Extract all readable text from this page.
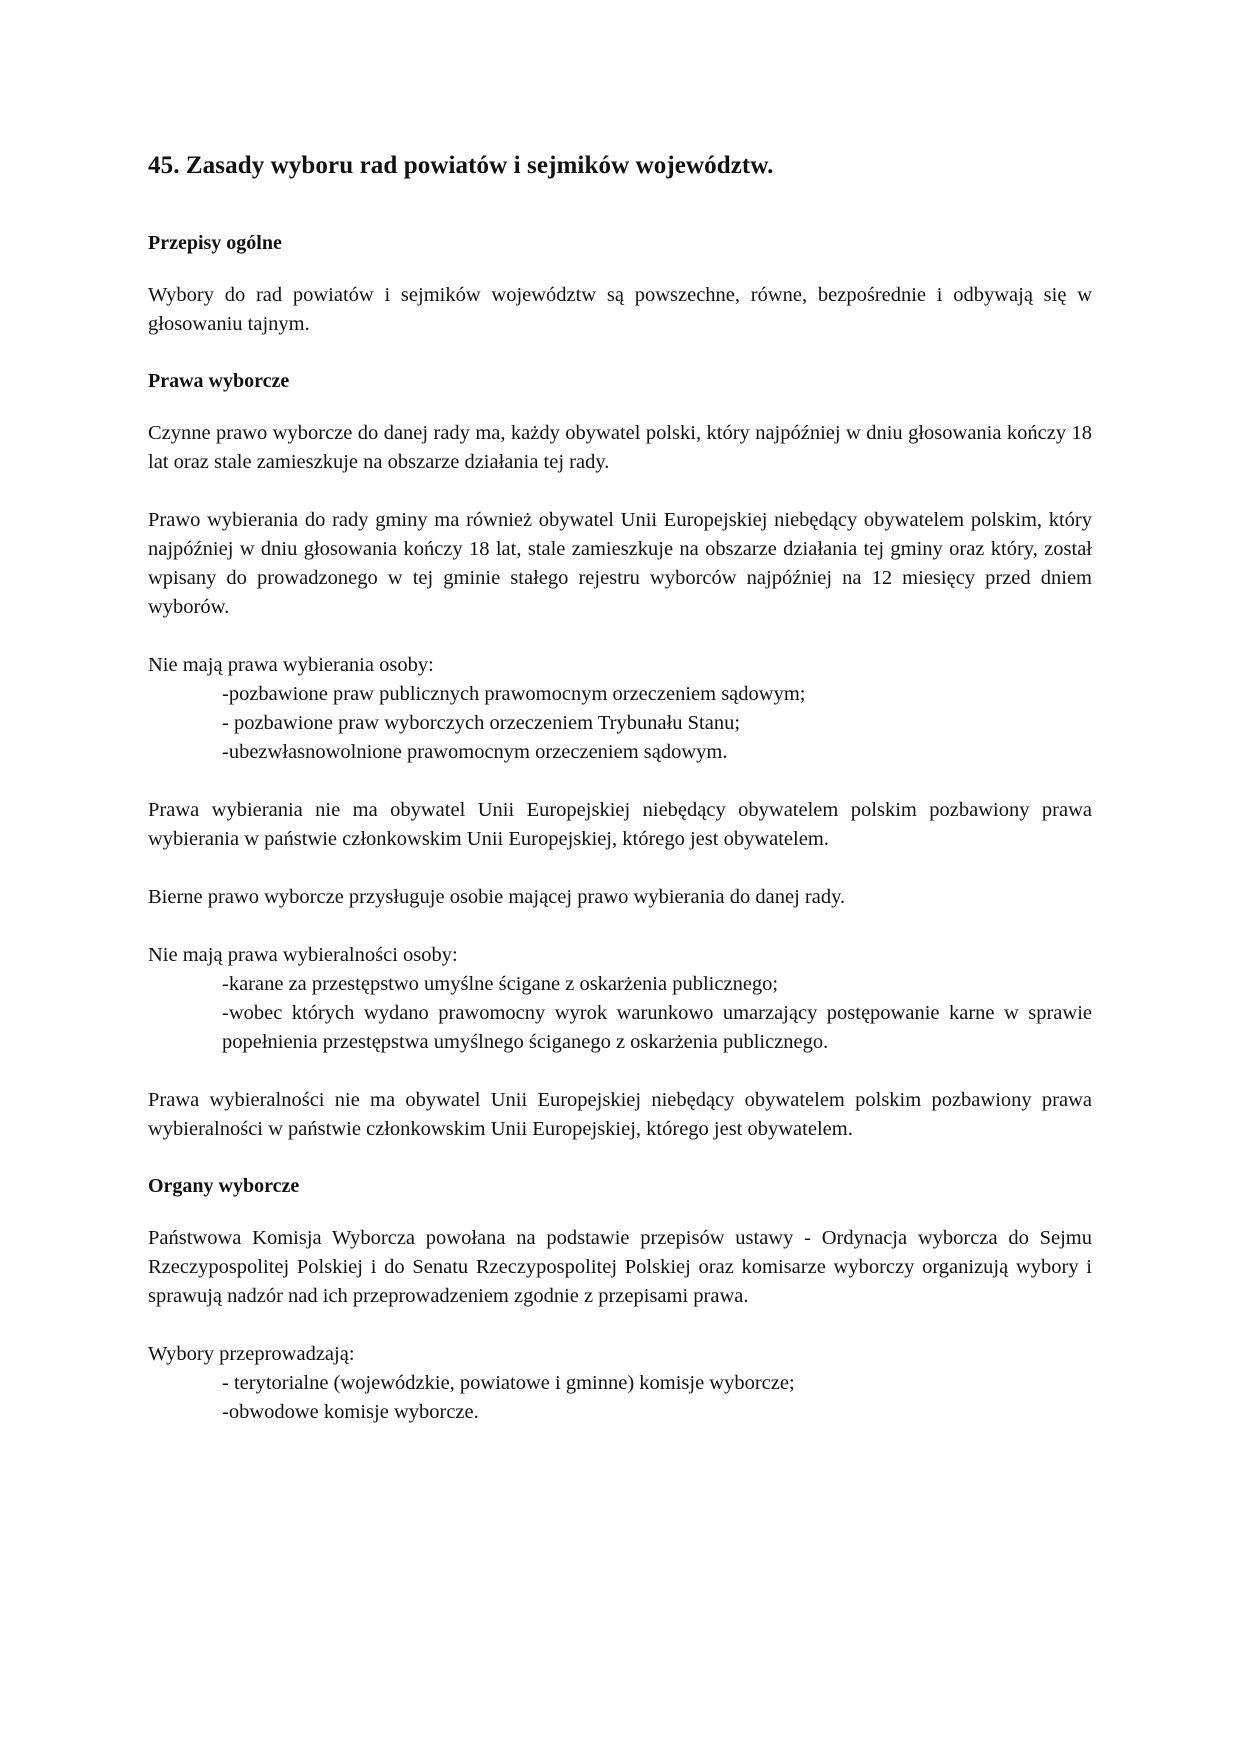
45. Zasady wyboru rad powiatów i sejmików województw.
Przepisy ogólne

Wybory do rad powiatów i sejmików województw są powszechne, równe, bezpośrednie i odbywają się w głosowaniu tajnym.

Prawa wyborcze

Czynne prawo wyborcze do danej rady ma, każdy obywatel polski, który najpóźniej w dniu głosowania kończy 18 lat oraz stale zamieszkuje na obszarze działania tej rady.

Prawo wybierania do rady gminy ma również obywatel Unii Europejskiej niebędący obywatelem polskim, który najpóźniej w dniu głosowania kończy 18 lat, stale zamieszkuje na obszarze działania tej gminy oraz który, został wpisany do prowadzonego w tej gminie stałego rejestru wyborców najpóźniej na 12 miesięcy przed dniem wyborów.

Nie mają prawa wybierania osoby:

-pozbawione praw publicznych prawomocnym orzeczeniem sądowym;
- pozbawione praw wyborczych orzeczeniem Trybunału Stanu;
-ubezwłasnowolnione prawomocnym orzeczeniem sądowym.

Prawa wybierania nie ma obywatel Unii Europejskiej niebędący obywatelem polskim pozbawiony prawa wybierania w państwie członkowskim Unii Europejskiej, którego jest obywatelem.

Bierne prawo wyborcze przysługuje osobie mającej prawo wybierania do danej rady.

Nie mają prawa wybieralności osoby:

-karane za przestępstwo umyślne ścigane z oskarżenia publicznego;
-wobec których wydano prawomocny wyrok warunkowo umarzający postępowanie karne w sprawie popełnienia przestępstwa umyślnego ściganego z oskarżenia publicznego.

Prawa wybieralności nie ma obywatel Unii Europejskiej niebędący obywatelem polskim pozbawiony prawa wybieralności w państwie członkowskim Unii Europejskiej, którego jest obywatelem.

Organy wyborcze

Państwowa Komisja Wyborcza powołana na podstawie przepisów ustawy - Ordynacja wyborcza do Sejmu Rzeczypospolitej Polskiej i do Senatu Rzeczypospolitej Polskiej oraz komisarze wyborczy organizują wybory i sprawują nadzór nad ich przeprowadzeniem zgodnie z przepisami prawa.

Wybory przeprowadzają:

- terytorialne (wojewódzkie, powiatowe i gminne) komisje wyborcze;
-obwodowe komisje wyborcze.
